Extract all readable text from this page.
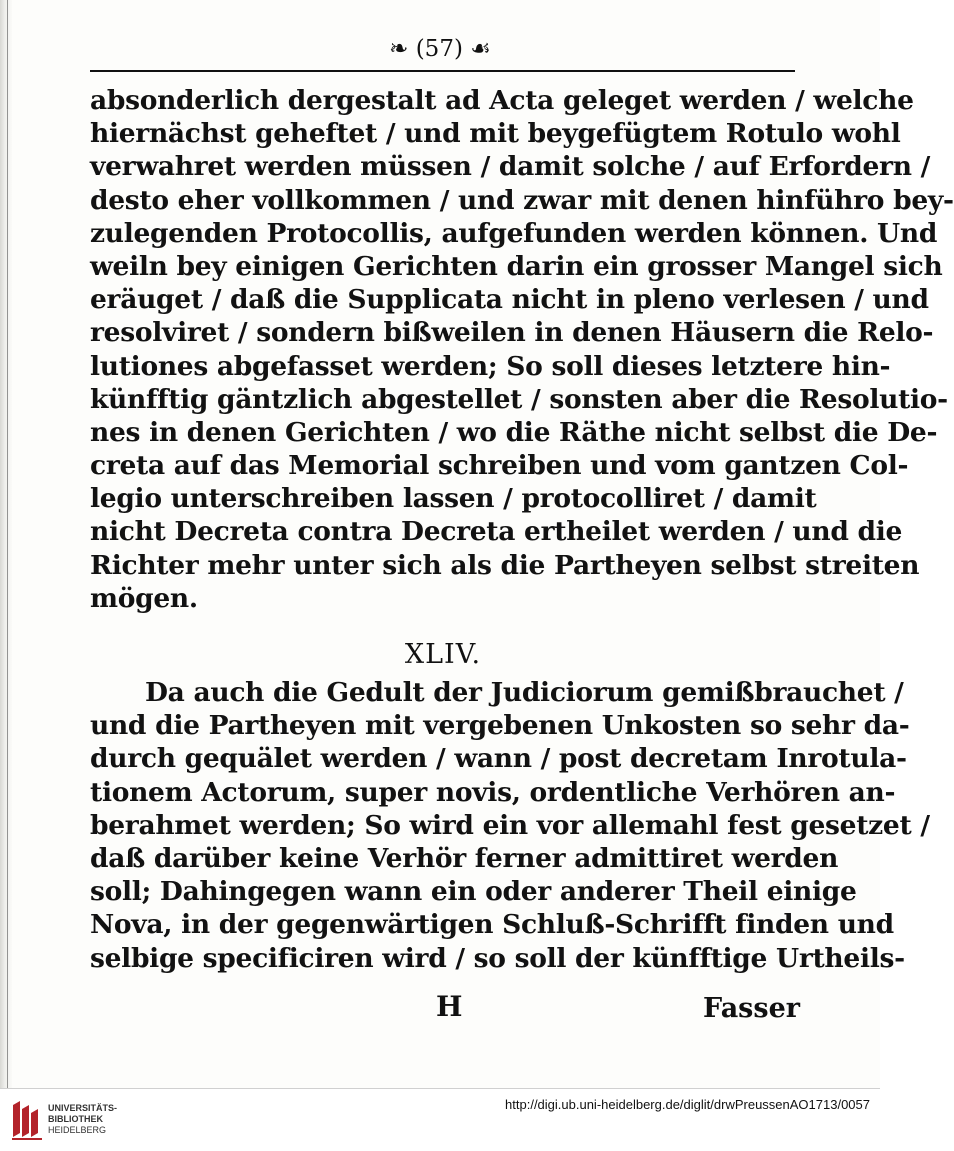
❧ (57) ☙
absonderlich dergestalt ad Acta geleget werden / welche
hiernächst geheftet / und mit beygefügtem Rotulo wohl
verwahret werden müssen / damit solche / auf Erfordern /
desto eher vollkommen / und zwar mit denen hinführo bey-
zulegenden Protocollis, aufgefunden werden können. Und
weiln bey einigen Gerichten darin ein grosser Mangel sich
eräuget / daß die Supplicata nicht in pleno verlesen / und
resolviret / sondern bißweilen in denen Häusern die Relo-
lutiones abgefasset werden; So soll dieses letztere hin-
künfftig gäntzlich abgestellet / sonsten aber die Resolutio-
nes in denen Gerichten / wo die Räthe nicht selbst die De-
creta auf das Memorial schreiben und vom gantzen Col-
legio unterschreiben lassen / protocolliret / damit
nicht Decreta contra Decreta ertheilet werden / und die
Richter mehr unter sich als die Partheyen selbst streiten
mögen.
XLIV.
Da auch die Gedult der Judiciorum gemißbrauchet /
und die Partheyen mit vergebenen Unkosten so sehr da-
durch gequälet werden / wann / post decretam Inrotula-
tionem Actorum, super novis, ordentliche Verhören an-
berahmet werden; So wird ein vor allemahl fest gesetzet /
daß darüber keine Verhör ferner admittiret werden
soll; Dahingegen wann ein oder anderer Theil einige
Nova, in der gegenwärtigen Schluß-Schrifft finden und
selbige specificiren wird / so soll der künfftige Urtheils-
H	Fasser
UNIVERSITÄTS-
BIBLIOTHEK
HEIDELBERG
http://digi.ub.uni-heidelberg.de/diglit/drwPreussenAO1713/0057
